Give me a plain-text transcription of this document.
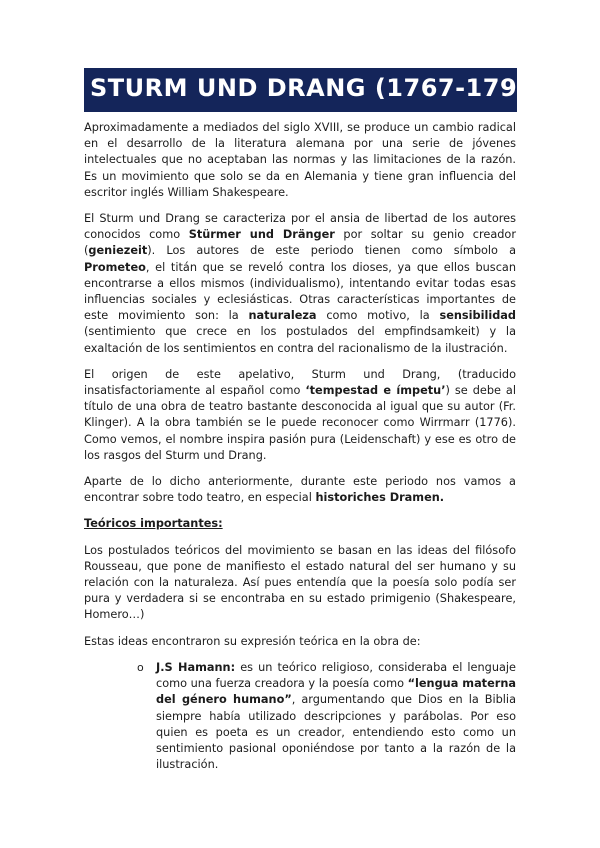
STURM UND DRANG (1767-1790)

Aproximadamente a mediados del siglo XVIII, se produce un cambio radical en el desarrollo de la literatura alemana por una serie de jóvenes intelectuales que no aceptaban las normas y las limitaciones de la razón. Es un movimiento que solo se da en Alemania y tiene gran influencia del escritor inglés William Shakespeare.

El Sturm und Drang se caracteriza por el ansia de libertad de los autores conocidos como Stürmer und Dränger por soltar su genio creador (geniezeit). Los autores de este periodo tienen como símbolo a Prometeo, el titán que se reveló contra los dioses, ya que ellos buscan encontrarse a ellos mismos (individualismo), intentando evitar todas esas influencias sociales y eclesiásticas. Otras características importantes de este movimiento son: la naturaleza como motivo, la sensibilidad (sentimiento que crece en los postulados del empfindsamkeit) y la exaltación de los sentimientos en contra del racionalismo de la ilustración.

El origen de este apelativo, Sturm und Drang, (traducido insatisfactoriamente al español como ‘tempestad e ímpetu’) se debe al título de una obra de teatro bastante desconocida al igual que su autor (Fr. Klinger). A la obra también se le puede reconocer como Wirrmarr (1776). Como vemos, el nombre inspira pasión pura (Leidenschaft) y ese es otro de los rasgos del Sturm und Drang.

Aparte de lo dicho anteriormente, durante este periodo nos vamos a encontrar sobre todo teatro, en especial historiches Dramen.

Teóricos importantes:

Los postulados teóricos del movimiento se basan en las ideas del filósofo Rousseau, que pone de manifiesto el estado natural del ser humano y su relación con la naturaleza. Así pues entendía que la poesía solo podía ser pura y verdadera si se encontraba en su estado primigenio (Shakespeare, Homero…)

Estas ideas encontraron su expresión teórica en la obra de:

o J.S Hamann: es un teórico religioso, consideraba el lenguaje como una fuerza creadora y la poesía como “lengua materna del género humano”, argumentando que Dios en la Biblia siempre había utilizado descripciones y parábolas. Por eso quien es poeta es un creador, entendiendo esto como un sentimiento pasional oponiéndose por tanto a la razón de la ilustración.
